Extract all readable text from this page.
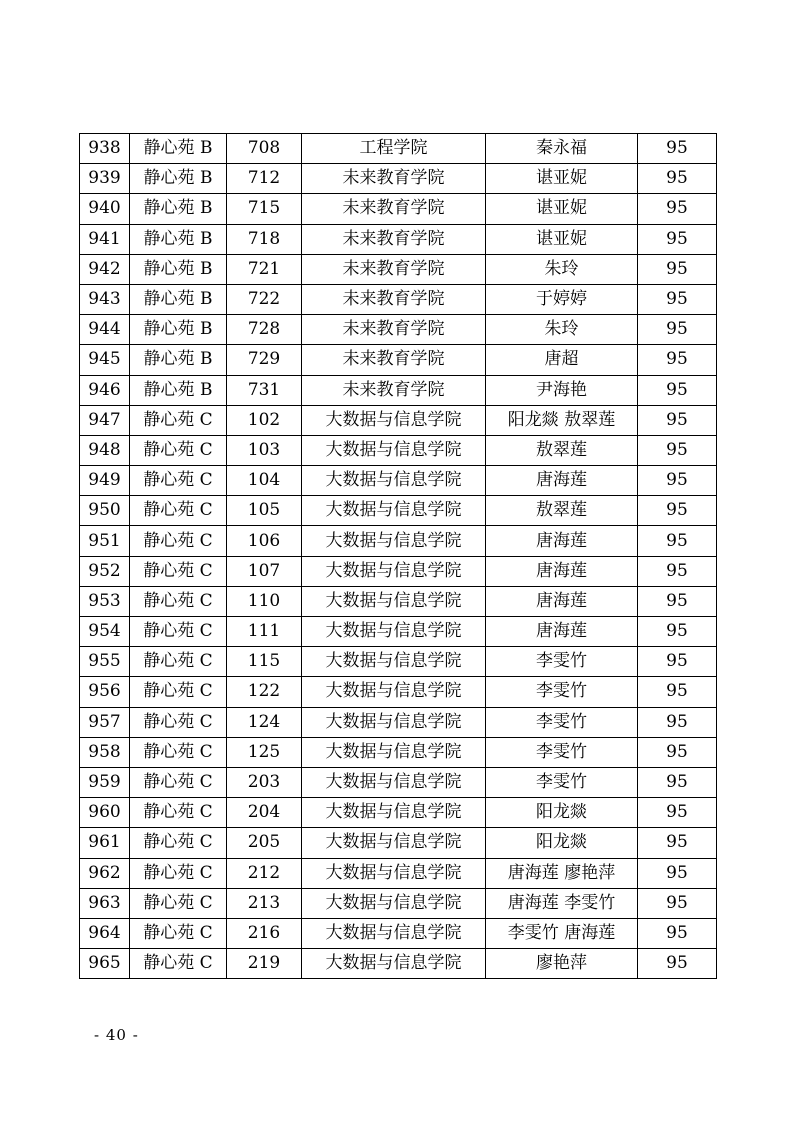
938	静心苑 B	708	工程学院	秦永福	95
939	静心苑 B	712	未来教育学院	谌亚妮	95
940	静心苑 B	715	未来教育学院	谌亚妮	95
941	静心苑 B	718	未来教育学院	谌亚妮	95
942	静心苑 B	721	未来教育学院	朱玲	95
943	静心苑 B	722	未来教育学院	于婷婷	95
944	静心苑 B	728	未来教育学院	朱玲	95
945	静心苑 B	729	未来教育学院	唐超	95
946	静心苑 B	731	未来教育学院	尹海艳	95
947	静心苑 C	102	大数据与信息学院	阳龙燚 敖翠莲	95
948	静心苑 C	103	大数据与信息学院	敖翠莲	95
949	静心苑 C	104	大数据与信息学院	唐海莲	95
950	静心苑 C	105	大数据与信息学院	敖翠莲	95
951	静心苑 C	106	大数据与信息学院	唐海莲	95
952	静心苑 C	107	大数据与信息学院	唐海莲	95
953	静心苑 C	110	大数据与信息学院	唐海莲	95
954	静心苑 C	111	大数据与信息学院	唐海莲	95
955	静心苑 C	115	大数据与信息学院	李雯竹	95
956	静心苑 C	122	大数据与信息学院	李雯竹	95
957	静心苑 C	124	大数据与信息学院	李雯竹	95
958	静心苑 C	125	大数据与信息学院	李雯竹	95
959	静心苑 C	203	大数据与信息学院	李雯竹	95
960	静心苑 C	204	大数据与信息学院	阳龙燚	95
961	静心苑 C	205	大数据与信息学院	阳龙燚	95
962	静心苑 C	212	大数据与信息学院	唐海莲 廖艳萍	95
963	静心苑 C	213	大数据与信息学院	唐海莲 李雯竹	95
964	静心苑 C	216	大数据与信息学院	李雯竹 唐海莲	95
965	静心苑 C	219	大数据与信息学院	廖艳萍	95
- 40 -
